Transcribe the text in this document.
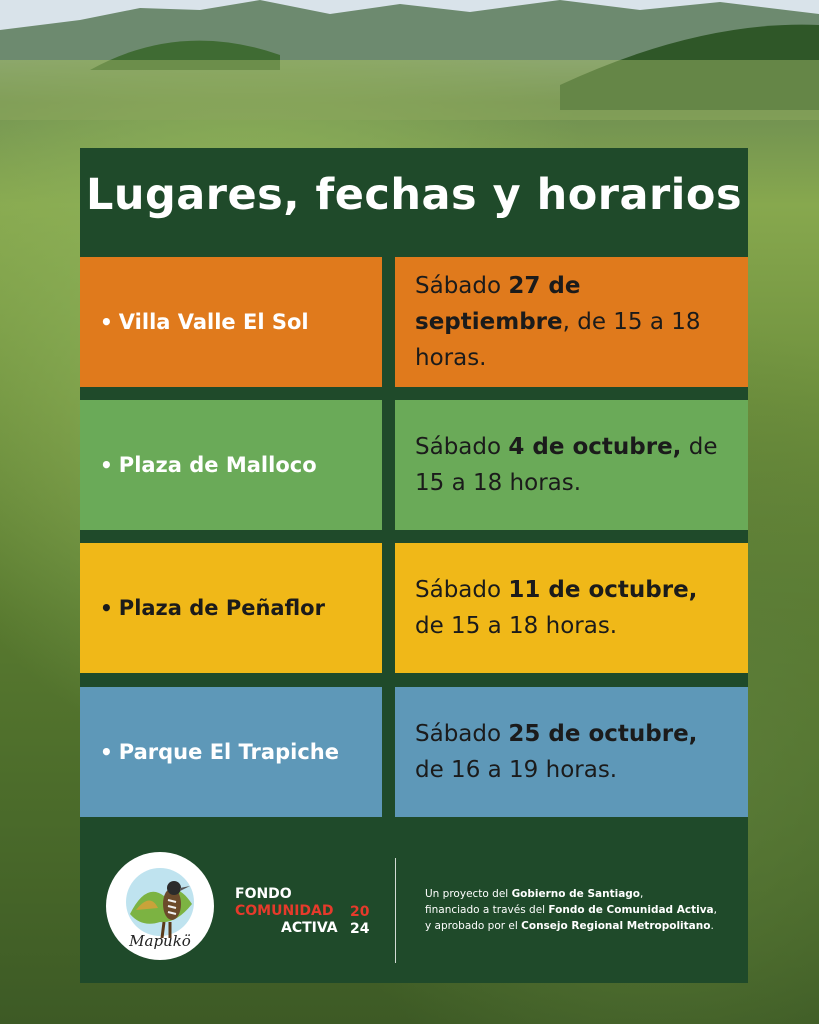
Lugares, fechas y horarios
• Villa Valle El Sol
Sábado 27 de septiembre, de 15 a 18 horas.
• Plaza de Malloco
Sábado 4 de octubre, de 15 a 18 horas.
• Plaza de Peñaflor
Sábado 11 de octubre, de 15 a 18 horas.
• Parque El Trapiche
Sábado 25 de octubre, de 16 a 19 horas.
Mapukö
FONDO
COMUNIDAD
ACTIVA
20
24
Un proyecto del Gobierno de Santiago,
financiado a través del Fondo de Comunidad Activa,
y aprobado por el Consejo Regional Metropolitano.
